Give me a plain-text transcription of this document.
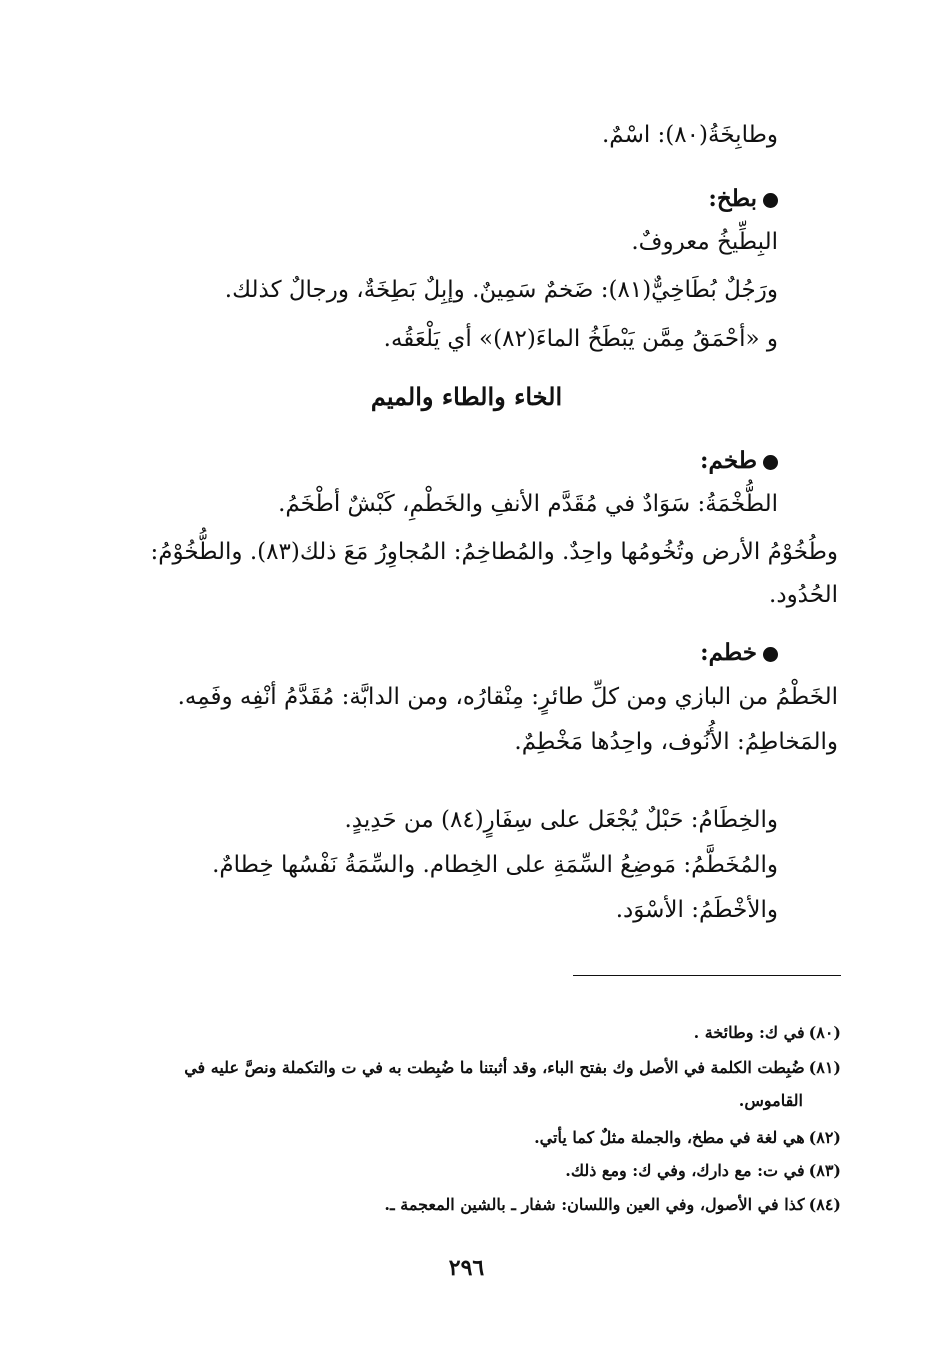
وطابِخَةُ(٨٠): اسْمٌ.
بطخ:
البِطِّيخُ معروفٌ.
ورَجُلٌ بُطَاخِيٌّ(٨١): ضَخمٌ سَمِينٌ. وإبِلٌ بَطِخَةٌ، ورجالٌ كذلك.
و «أحْمَقُ مِمَّن يَبْطَخُ الماءَ(٨٢)» أي يَلْعَقُه.
الخاء والطاء والميم
طخم:
الطُّخْمَةُ: سَوَادٌ في مُقَدَّم الأنفِ والخَطْمِ، كَبْشٌ أطْخَمُ.
وطُخُوْمُ الأرض وتُخُومُها واحِدٌ. والمُطاخِمُ: المُجاوِرُ مَعَ ذلك(٨٣). والطُّخُوْمُ:
الحُدُود.
خطم:
الخَطْمُ من البازي ومن كلِّ طائرٍ: مِنْقارُه، ومن الدابَّة: مُقَدَّمُ أنْفِه وفَمِه.
والمَخاطِمُ: الأُنُوف، واحِدُها مَخْطِمٌ.
والخِطَامُ: حَبْلٌ يُجْعَل على سِفَارٍ(٨٤) من حَدِيدٍ.
والمُخَطَّمُ: مَوضِعُ السِّمَةِ على الخِطام. والسِّمَةُ نَفْسُها خِطامٌ.
والأخْطَمُ: الأسْوَد.
(٨٠)في ك: وطائخة .
(٨١)ضُبِطت الكلمة في الأصل وك بفتح الباء، وقد أثبتنا ما ضُبِطت به في ت والتكملة ونصَّ عليه في
القاموس.
(٨٢)هي لغة في مطخ، والجملة مثلٌ كما يأتي.
(٨٣)في ت: مع دارك، وفي ك: ومع ذلك.
(٨٤)كذا في الأصول، وفي العين واللسان: شفار ـ بالشين المعجمة ـ.
٢٩٦
